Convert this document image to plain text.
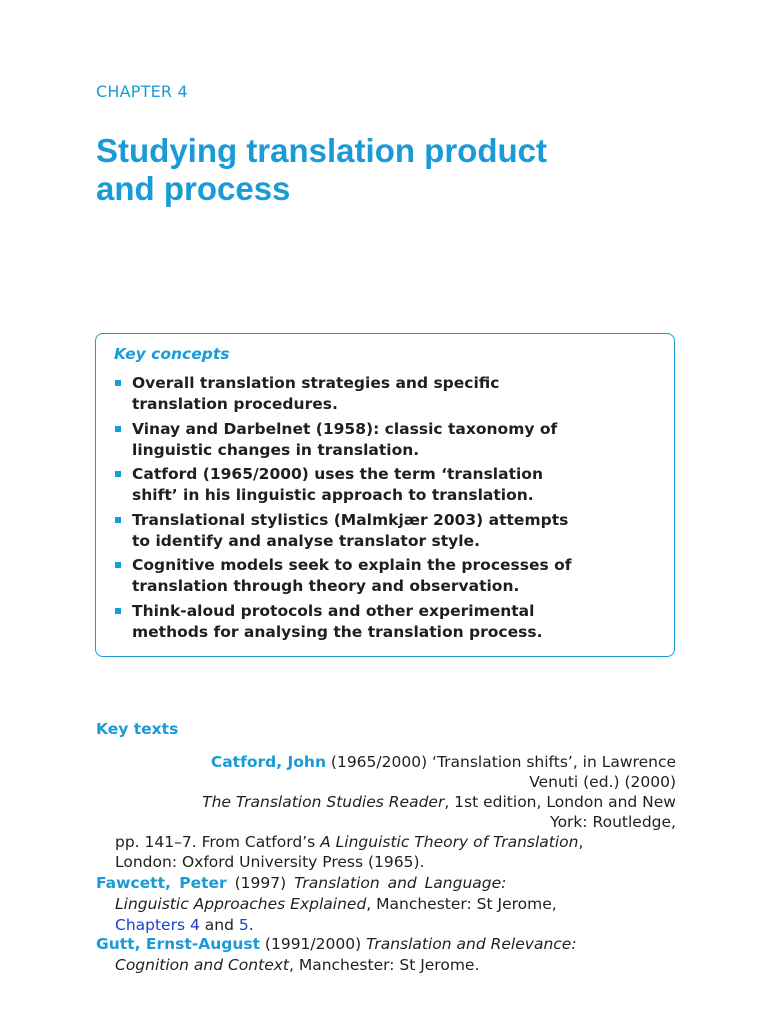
CHAPTER 4
Studying translation product
and process
Key concepts
Overall translation strategies and specific
translation procedures.
Vinay and Darbelnet (1958): classic taxonomy of
linguistic changes in translation.
Catford (1965/2000) uses the term ‘translation
shift’ in his linguistic approach to translation.
Translational stylistics (Malmkjær 2003) attempts
to identify and analyse translator style.
Cognitive models seek to explain the processes of
translation through theory and observation.
Think-aloud protocols and other experimental
methods for analysing the translation process.
Key texts
Catford, John (1965/2000) ‘Translation shifts’, in Lawrence
Venuti (ed.) (2000)
The Translation Studies Reader, 1st edition, London and New
York: Routledge,
pp. 141–7. From Catford’s A Linguistic Theory of Translation,
London: Oxford University Press (1965).
Fawcett, Peter (1997) Translation and Language:
Linguistic Approaches Explained, Manchester: St Jerome,
Chapters 4 and 5.
Gutt, Ernst-August (1991/2000) Translation and Relevance:
Cognition and Context, Manchester: St Jerome.
